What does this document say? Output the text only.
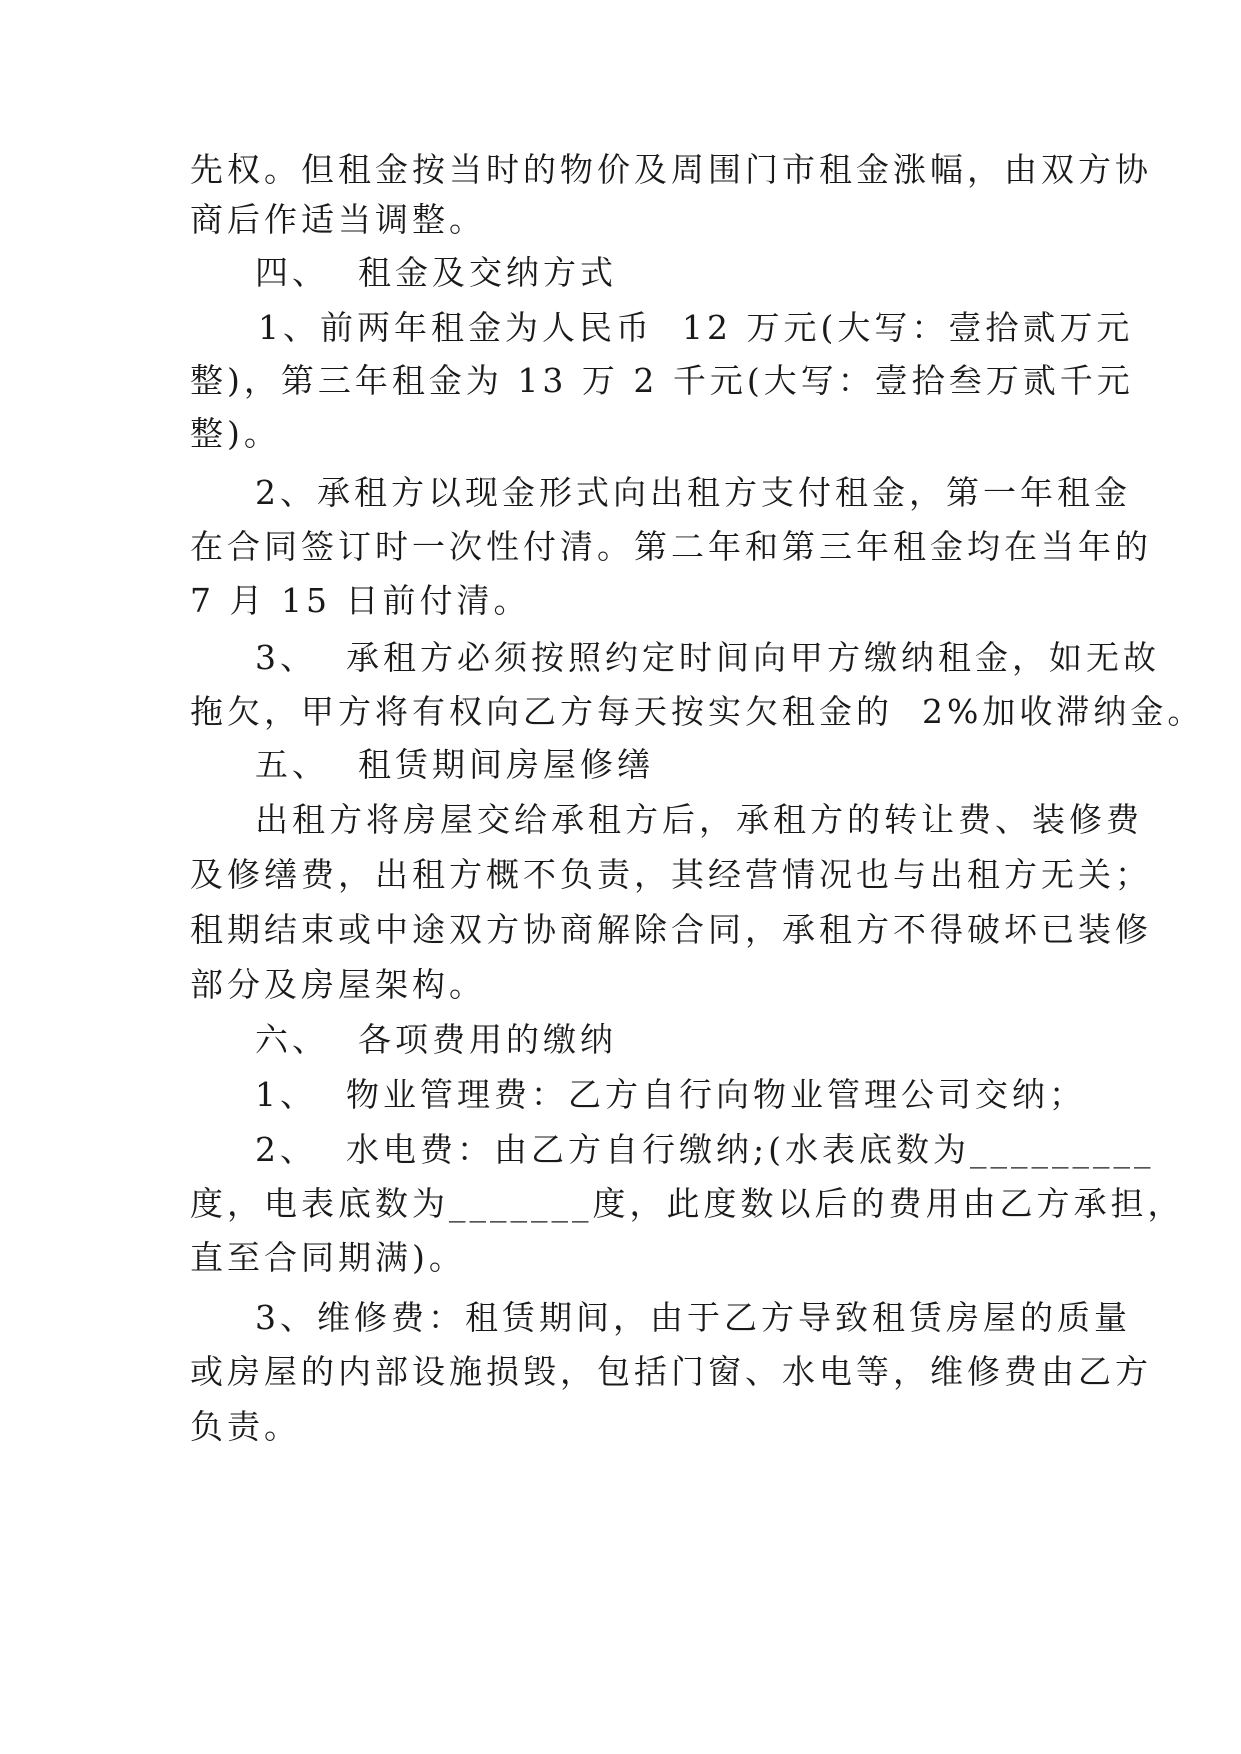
先权。但租金按当时的物价及周围门市租金涨幅，由双方协
商后作适当调整。
四、  租金及交纳方式
1、前两年租金为人民币  12 万元(大写：壹拾贰万元
整)，第三年租金为 13 万 2 千元(大写：壹拾叁万贰千元
整)。
2、承租方以现金形式向出租方支付租金，第一年租金
在合同签订时一次性付清。第二年和第三年租金均在当年的
7 月 15 日前付清。
3、  承租方必须按照约定时间向甲方缴纳租金，如无故
拖欠，甲方将有权向乙方每天按实欠租金的  2%加收滞纳金。
五、  租赁期间房屋修缮
出租方将房屋交给承租方后，承租方的转让费、装修费
及修缮费，出租方概不负责，其经营情况也与出租方无关；
租期结束或中途双方协商解除合同，承租方不得破坏已装修
部分及房屋架构。
六、  各项费用的缴纳
1、  物业管理费：乙方自行向物业管理公司交纳；
2、  水电费：由乙方自行缴纳;(水表底数为_________
度，电表底数为_______度，此度数以后的费用由乙方承担，
直至合同期满)。
3、维修费：租赁期间，由于乙方导致租赁房屋的质量
或房屋的内部设施损毁，包括门窗、水电等，维修费由乙方
负责。
